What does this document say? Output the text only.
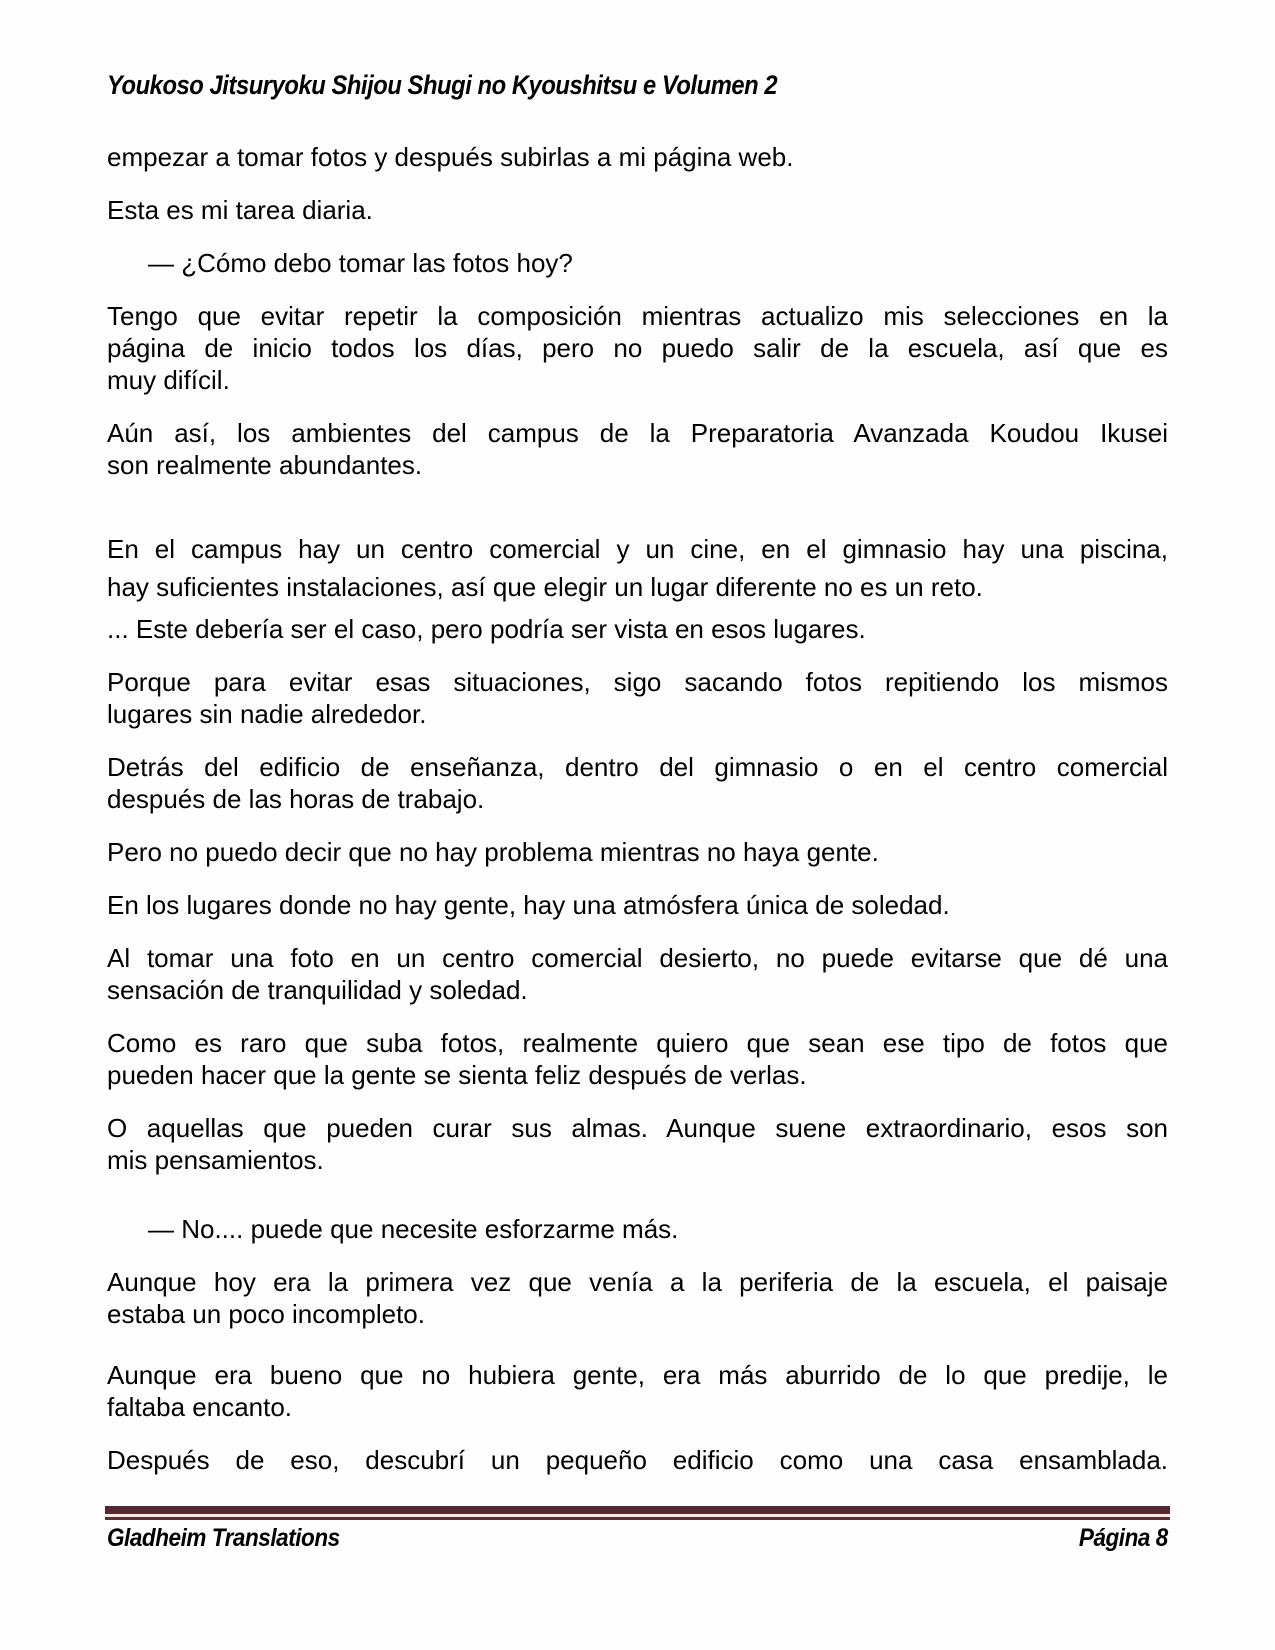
Youkoso Jitsuryoku Shijou Shugi no Kyoushitsu e Volumen 2

empezar a tomar fotos y después subirlas a mi página web.

Esta es mi tarea diaria.

— ¿Cómo debo tomar las fotos hoy?

Tengo que evitar repetir la composición mientras actualizo mis selecciones en la
página de inicio todos los días, pero no puedo salir de la escuela, así que es
muy difícil.

Aún así, los ambientes del campus de la Preparatoria Avanzada Koudou Ikusei
son realmente abundantes.

En el campus hay un centro comercial y un cine, en el gimnasio hay una piscina,
hay suficientes instalaciones, así que elegir un lugar diferente no es un reto.

... Este debería ser el caso, pero podría ser vista en esos lugares.

Porque para evitar esas situaciones, sigo sacando fotos repitiendo los mismos
lugares sin nadie alrededor.

Detrás del edificio de enseñanza, dentro del gimnasio o en el centro comercial
después de las horas de trabajo.

Pero no puedo decir que no hay problema mientras no haya gente.

En los lugares donde no hay gente, hay una atmósfera única de soledad.

Al tomar una foto en un centro comercial desierto, no puede evitarse que dé una
sensación de tranquilidad y soledad.

Como es raro que suba fotos, realmente quiero que sean ese tipo de fotos que
pueden hacer que la gente se sienta feliz después de verlas.

O aquellas que pueden curar sus almas. Aunque suene extraordinario, esos son
mis pensamientos.

— No.... puede que necesite esforzarme más.

Aunque hoy era la primera vez que venía a la periferia de la escuela, el paisaje
estaba un poco incompleto.

Aunque era bueno que no hubiera gente, era más aburrido de lo que predije, le
faltaba encanto.

Después de eso, descubrí un pequeño edificio como una casa ensamblada.

Gladheim Translations	Página 8
